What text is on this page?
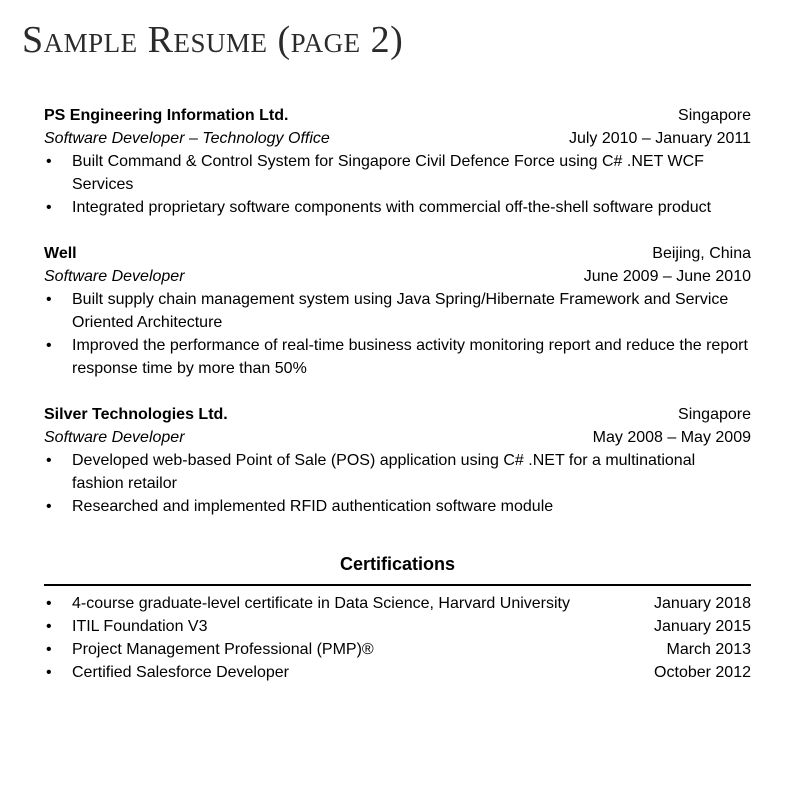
Sample Resume (page 2)
PS Engineering Information Ltd.	Singapore
Software Developer – Technology Office	July 2010 – January 2011
• Built Command & Control System for Singapore Civil Defence Force using C# .NET WCF Services
• Integrated proprietary software components with commercial off-the-shell software product
Well	Beijing, China
Software Developer	June 2009 – June 2010
• Built supply chain management system using Java Spring/Hibernate Framework and Service Oriented Architecture
• Improved the performance of real-time business activity monitoring report and reduce the report response time by more than 50%
Silver Technologies Ltd.	Singapore
Software Developer	May 2008 – May 2009
• Developed web-based Point of Sale (POS) application using C# .NET for a multinational fashion retailor
• Researched and implemented RFID authentication software module
Certifications
• 4-course graduate-level certificate in Data Science, Harvard University	January 2018
• ITIL Foundation V3	January 2015
• Project Management Professional (PMP)®	March 2013
• Certified Salesforce Developer	October 2012
